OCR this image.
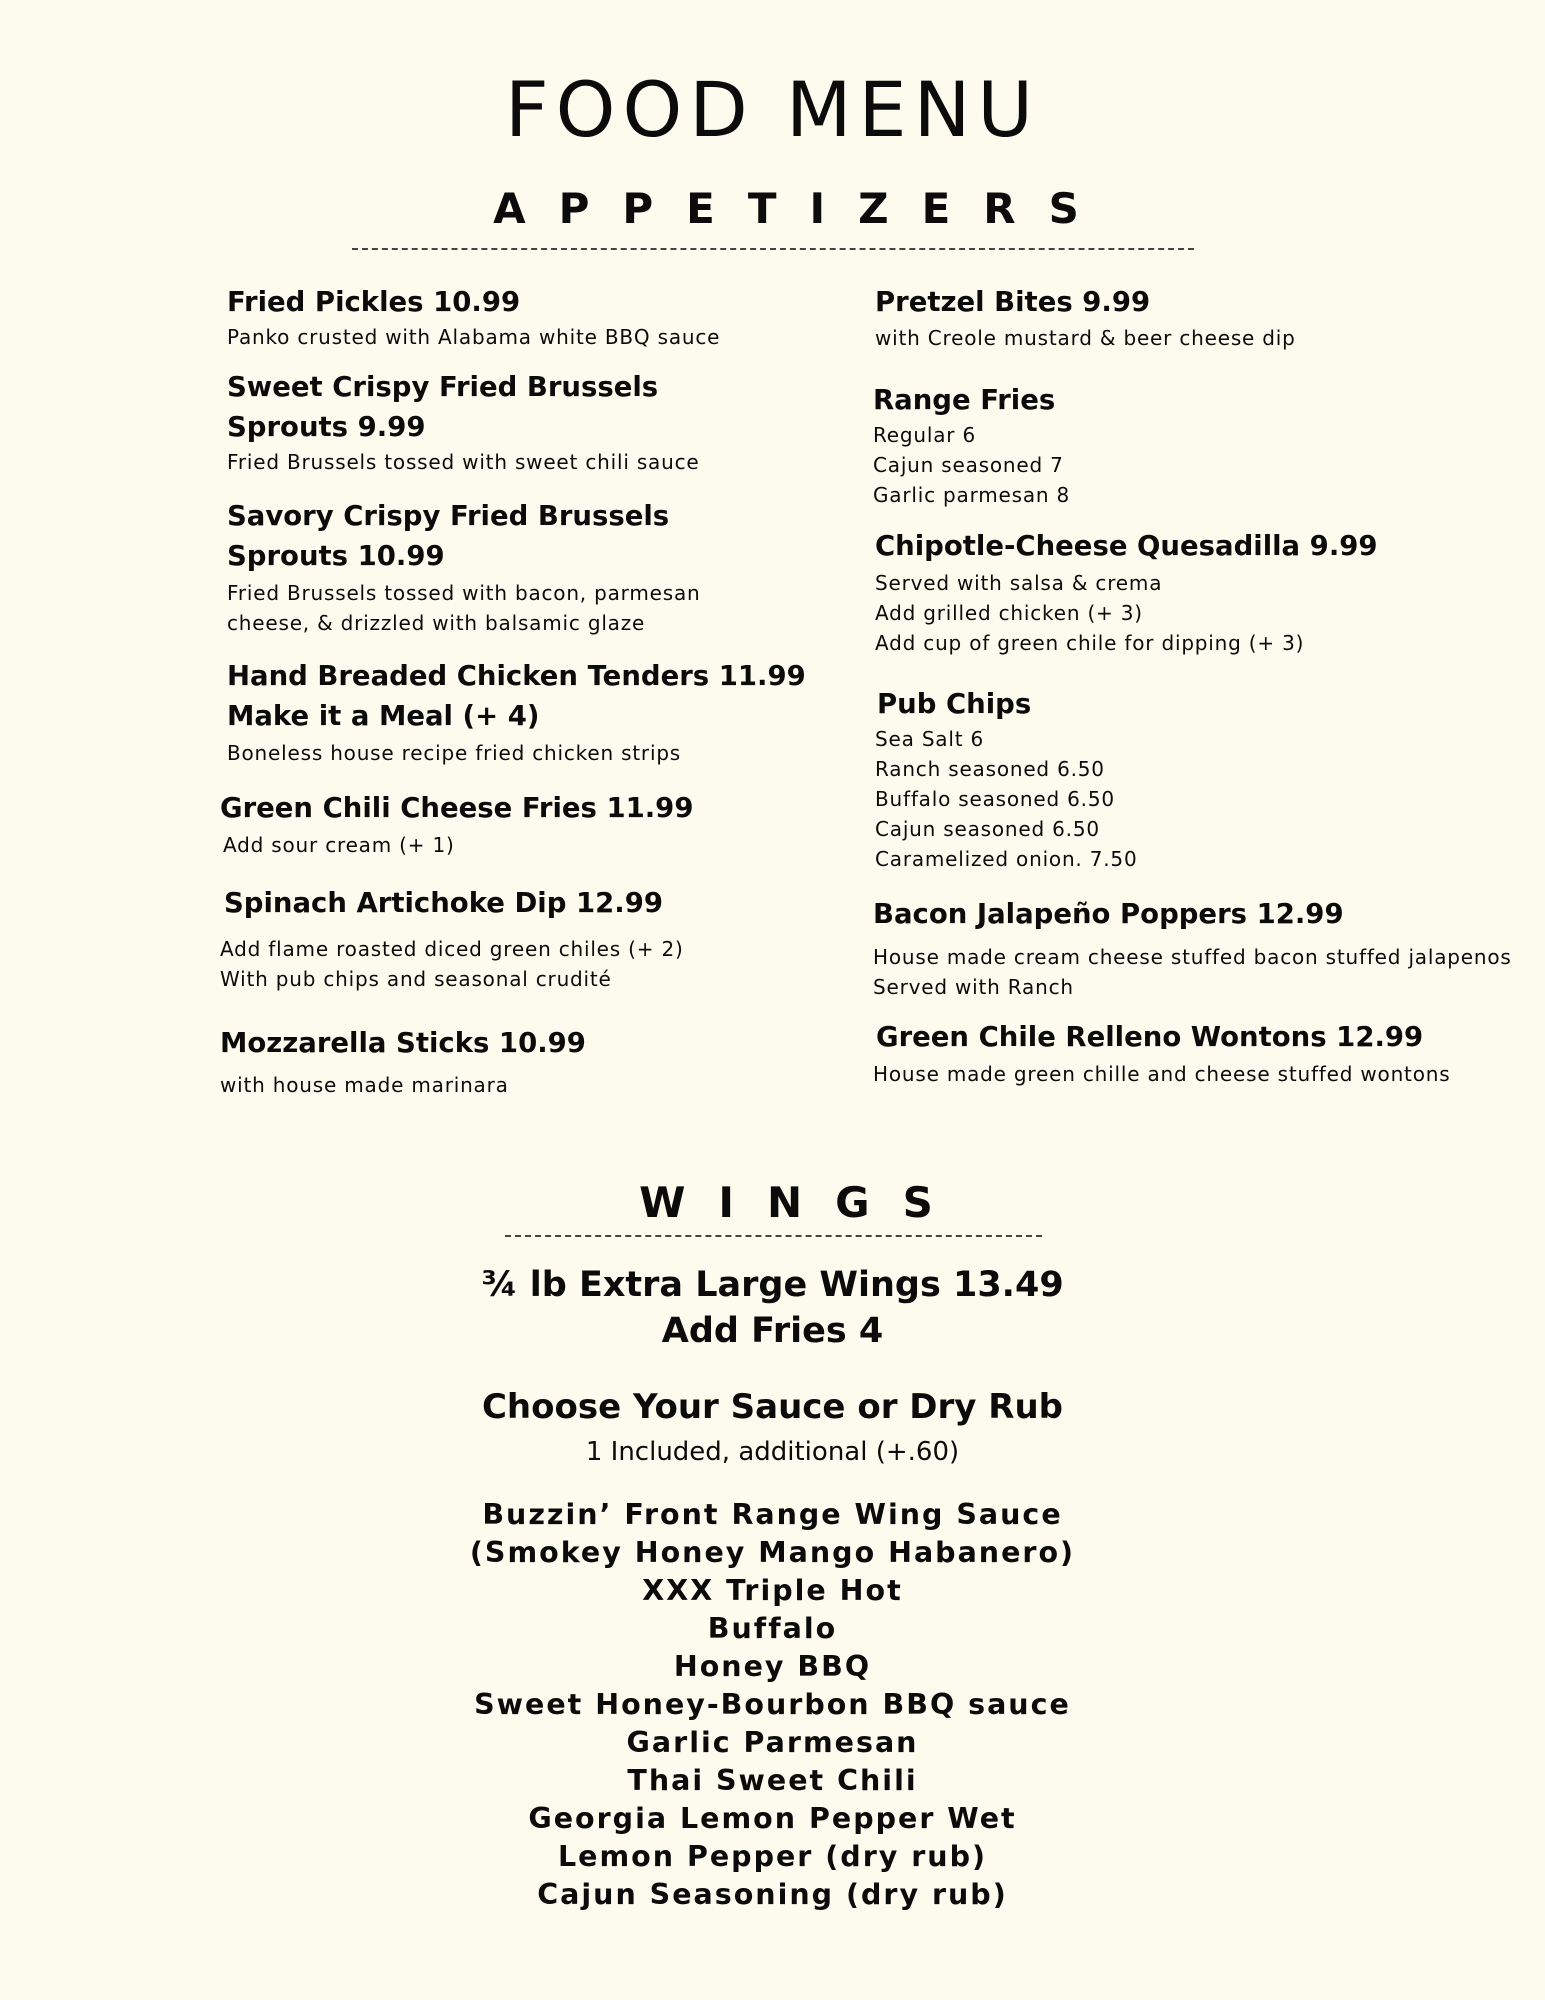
FOOD MENU
APPETIZERS
Fried Pickles 10.99
Panko crusted with Alabama white BBQ sauce
Sweet Crispy Fried Brussels
Sprouts 9.99
Fried Brussels tossed with sweet chili sauce
Savory Crispy Fried Brussels
Sprouts 10.99
Fried Brussels tossed with bacon, parmesan
cheese, & drizzled with balsamic glaze
Hand Breaded Chicken Tenders 11.99
Make it a Meal (+ 4)
Boneless house recipe fried chicken strips
Green Chili Cheese Fries 11.99
Add sour cream (+ 1)
Spinach Artichoke Dip 12.99
Add flame roasted diced green chiles (+ 2)
With pub chips and seasonal crudité
Mozzarella Sticks 10.99
with house made marinara
Pretzel Bites 9.99
with Creole mustard & beer cheese dip
Range Fries
Regular 6
Cajun seasoned 7
Garlic parmesan 8
Chipotle-Cheese Quesadilla 9.99
Served with salsa & crema
Add grilled chicken (+ 3)
Add cup of green chile for dipping (+ 3)
Pub Chips
Sea Salt 6
Ranch seasoned 6.50
Buffalo seasoned 6.50
Cajun seasoned 6.50
Caramelized onion. 7.50
Bacon Jalapeño Poppers 12.99
House made cream cheese stuffed bacon stuffed jalapenos
Served with Ranch
Green Chile Relleno Wontons 12.99
House made green chille and cheese stuffed wontons
WINGS
¾ lb Extra Large Wings 13.49
Add Fries 4
Choose Your Sauce or Dry Rub
1 Included, additional (+.60)
Buzzin’ Front Range Wing Sauce
(Smokey Honey Mango Habanero)
XXX Triple Hot
Buffalo
Honey BBQ
Sweet Honey-Bourbon BBQ sauce
Garlic Parmesan
Thai Sweet Chili
Georgia Lemon Pepper Wet
Lemon Pepper (dry rub)
Cajun Seasoning (dry rub)
